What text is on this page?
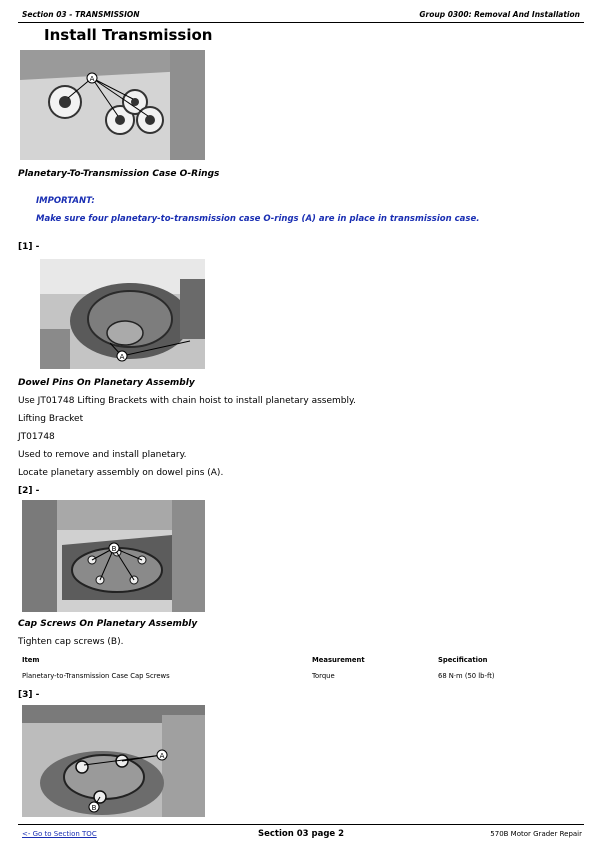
Section 03 - TRANSMISSION	Group 0300: Removal And Installation
Install Transmission
A
Planetary-To-Transmission Case O-Rings
IMPORTANT:
Make sure four planetary-to-transmission case O-rings (A) are in place in transmission case.
[1] -
A
Dowel Pins On Planetary Assembly
Use JT01748 Lifting Brackets with chain hoist to install planetary assembly.
Lifting Bracket
JT01748
Used to remove and install planetary.
Locate planetary assembly on dowel pins (A).
[2] -
B
Cap Screws On Planetary Assembly
Tighten cap screws (B).
Item	Measurement	Specification
Planetary-to-Transmission Case Cap Screws	Torque	68 N·m (50 lb-ft)
[3] -
A
B
<- Go to Section TOC	Section 03 page 2	570B Motor Grader Repair
